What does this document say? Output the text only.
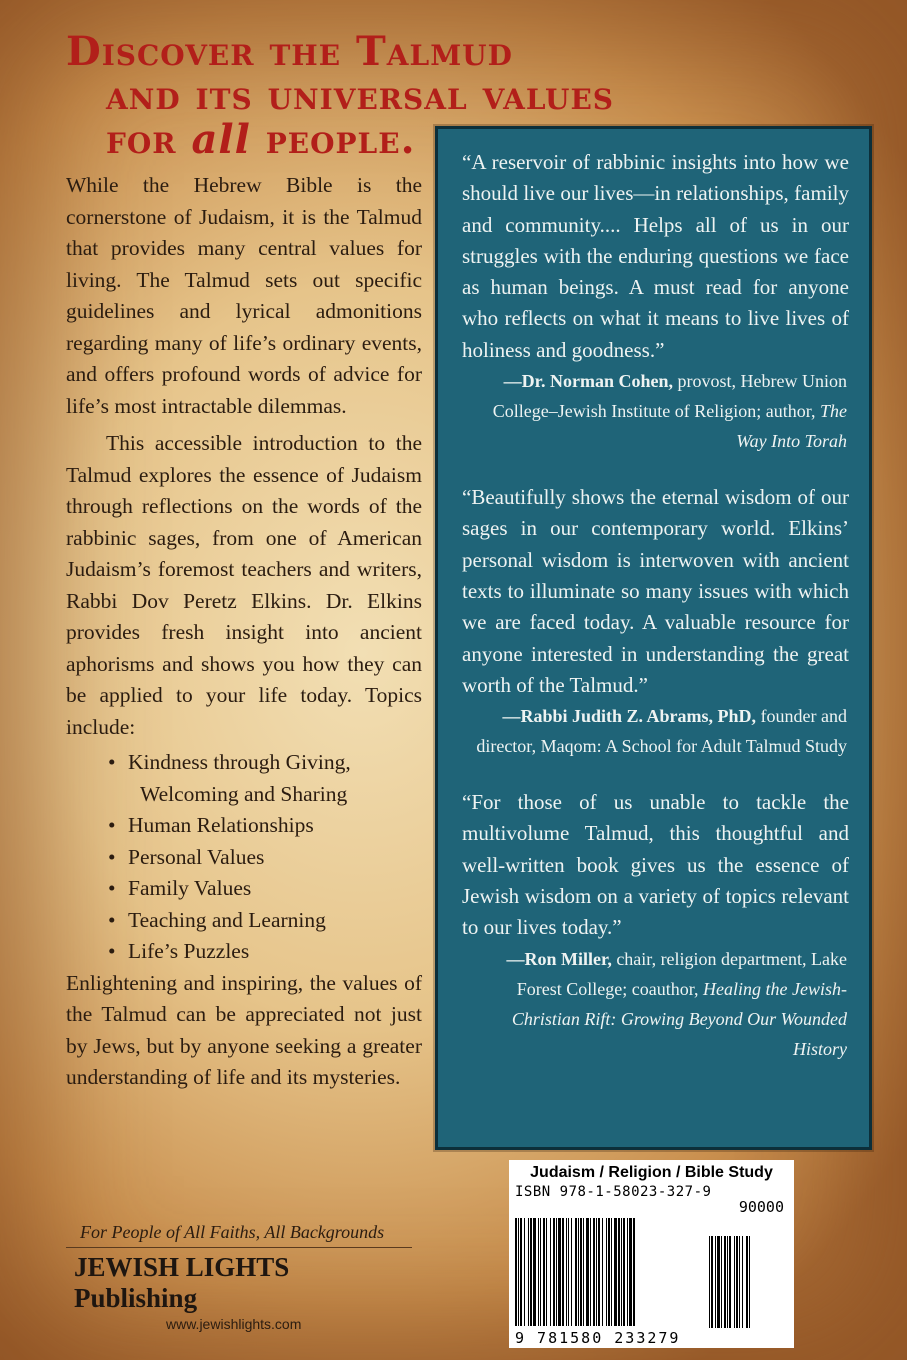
Discover the Talmud
and its universal values
for all people.

While the Hebrew Bible is the cornerstone of Judaism, it is the Talmud that provides many central values for living. The Talmud sets out specific guidelines and lyrical admonitions regarding many of life’s ordinary events, and offers profound words of advice for life’s most intractable dilemmas.

This accessible introduction to the Talmud explores the essence of Judaism through reflections on the words of the rabbinic sages, from one of American Judaism’s foremost teachers and writers, Rabbi Dov Peretz Elkins. Dr. Elkins provides fresh insight into ancient aphorisms and shows you how they can be applied to your life today. Topics include:

• Kindness through Giving,
Welcoming and Sharing
• Human Relationships
• Personal Values
• Family Values
• Teaching and Learning
• Life’s Puzzles

Enlightening and inspiring, the values of the Talmud can be appreciated not just by Jews, but by anyone seeking a greater understanding of life and its mysteries.

For People of All Faiths, All Backgrounds
JEWISH LIGHTS Publishing
www.jewishlights.com

“A reservoir of rabbinic insights into how we should live our lives—in relationships, family and community.... Helps all of us in our struggles with the enduring questions we face as human beings. A must read for anyone who reflects on what it means to live lives of holiness and goodness.”

—Dr. Norman Cohen, provost, Hebrew Union College–Jewish Institute of Religion; author, The Way Into Torah

“Beautifully shows the eternal wisdom of our sages in our contemporary world. Elkins’ personal wisdom is interwoven with ancient texts to illuminate so many issues with which we are faced today. A valuable resource for anyone interested in understanding the great worth of the Talmud.”

—Rabbi Judith Z. Abrams, PhD, founder and director, Maqom: A School for Adult Talmud Study

“For those of us unable to tackle the multivolume Talmud, this thoughtful and well-written book gives us the essence of Jewish wisdom on a variety of topics relevant to our lives today.”

—Ron Miller, chair, religion department, Lake Forest College; coauthor, Healing the Jewish-Christian Rift: Growing Beyond Our Wounded History

Judaism / Religion / Bible Study
ISBN 978-1-58023-327-9
90000
9 781580 233279
